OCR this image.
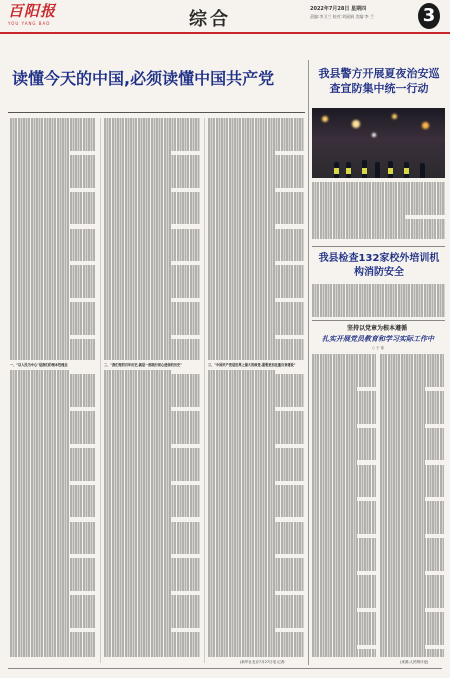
百阳报
YOU YANG BAO	综合	2022年7月28日 星期四
责编:李卫兰 校对:刘丽娟 美编:李 兰	3
读懂今天的中国,必须读懂中国共产党
一、"以人民为中心"是我们的根本性理念	二、"我们党的百年历史,就是一部践行初心使命的历史"	三、"中国共产党是世界上最大的政党,需要更加注重自身建设"
我县警方开展夏夜治安巡查宣防集中统一行动
我县检查132家校外培训机构消防安全
坚持以党章为根本遵循
扎实开展党员教育和学习实际工作中
○ 子 寒
(新华社北京7月27日电 记者:	(来源:人民网评论)
